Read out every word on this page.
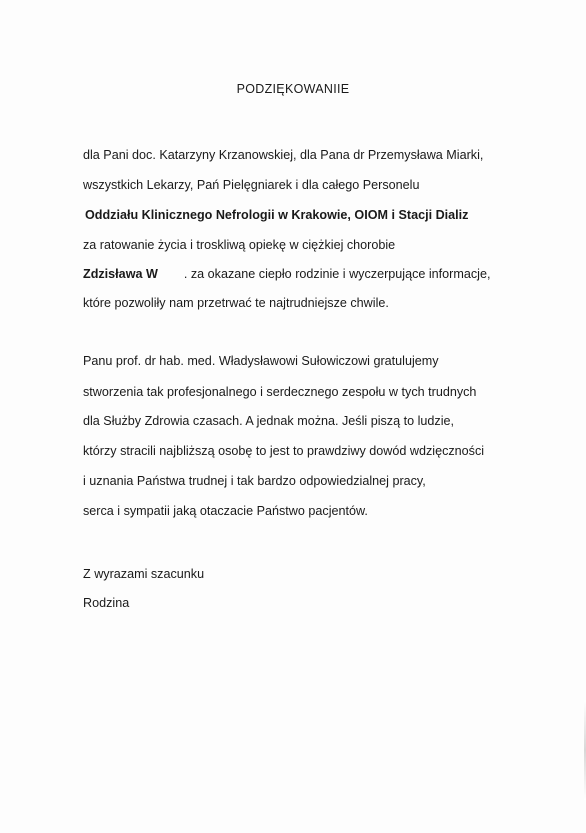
PODZIĘKOWANIIE
dla Pani doc. Katarzyny Krzanowskiej, dla Pana dr Przemysława Miarki,
wszystkich Lekarzy, Pań Pielęgniarek i dla całego Personelu
Oddziału Klinicznego Nefrologii w Krakowie, OIOM i Stacji Dializ
za ratowanie życia i troskliwą opiekę w ciężkiej chorobie
Zdzisława W . za okazane ciepło rodzinie i wyczerpujące informacje,
które pozwoliły nam przetrwać te najtrudniejsze chwile.
Panu prof. dr hab. med. Władysławowi Sułowiczowi gratulujemy
stworzenia tak profesjonalnego i serdecznego zespołu w tych trudnych
dla Służby Zdrowia czasach. A jednak można. Jeśli piszą to ludzie,
którzy stracili najbliższą osobę to jest to prawdziwy dowód wdzięczności
i uznania Państwa trudnej i tak bardzo odpowiedzialnej pracy,
serca i sympatii jaką otaczacie Państwo pacjentów.
Z wyrazami szacunku
Rodzina
